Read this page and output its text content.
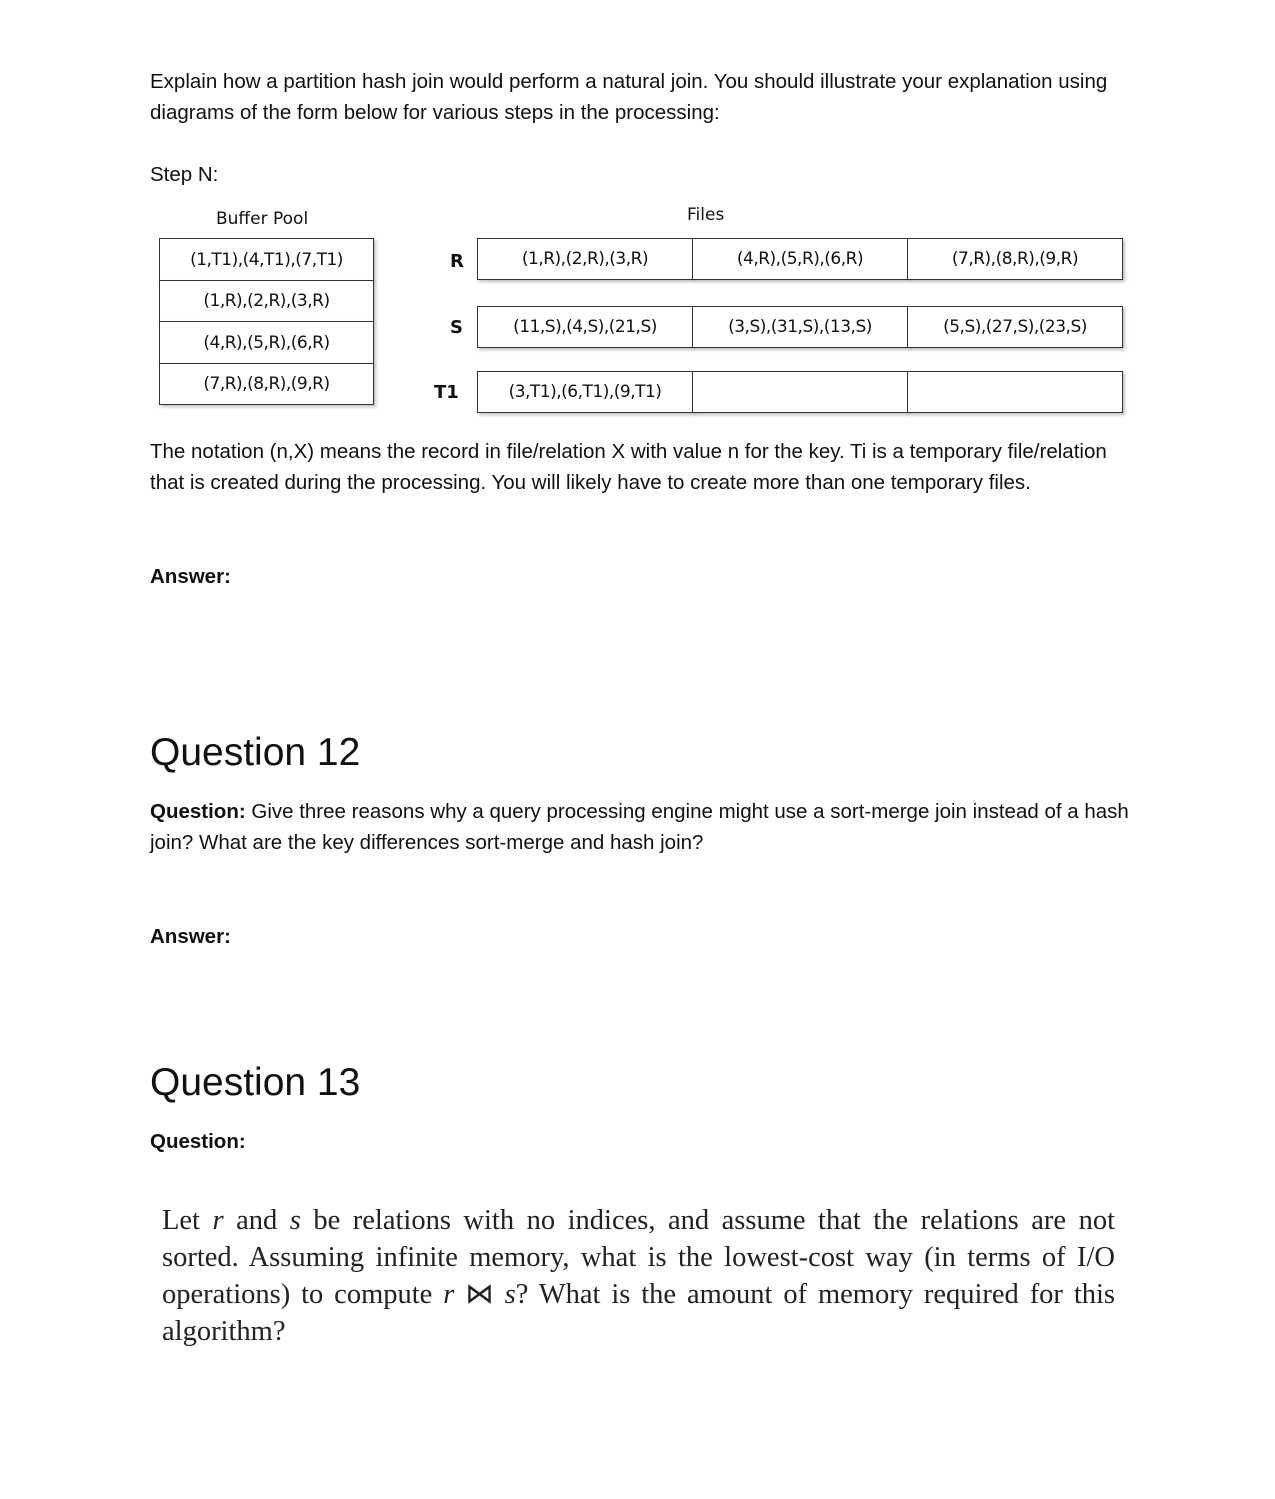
Explain how a partition hash join would perform a natural join. You should illustrate your explanation using diagrams of the form below for various steps in the processing:
Step N:
Buffer Pool	Files
(1,T1),(4,T1),(7,T1)
(1,R),(2,R),(3,R)
(4,R),(5,R),(6,R)
(7,R),(8,R),(9,R)
R	(1,R),(2,R),(3,R)	(4,R),(5,R),(6,R)	(7,R),(8,R),(9,R)
S	(11,S),(4,S),(21,S)	(3,S),(31,S),(13,S)	(5,S),(27,S),(23,S)
T1	(3,T1),(6,T1),(9,T1)
The notation (n,X) means the record in file/relation X with value n for the key. Ti is a temporary file/relation that is created during the processing. You will likely have to create more than one temporary files.
Answer:
Question 12
Question: Give three reasons why a query processing engine might use a sort-merge join instead of a hash join? What are the key differences sort-merge and hash join?
Answer:
Question 13
Question:
Let r and s be relations with no indices, and assume that the relations are not sorted. Assuming infinite memory, what is the lowest-cost way (in terms of I/O operations) to compute r ⋈ s? What is the amount of memory required for this algorithm?
